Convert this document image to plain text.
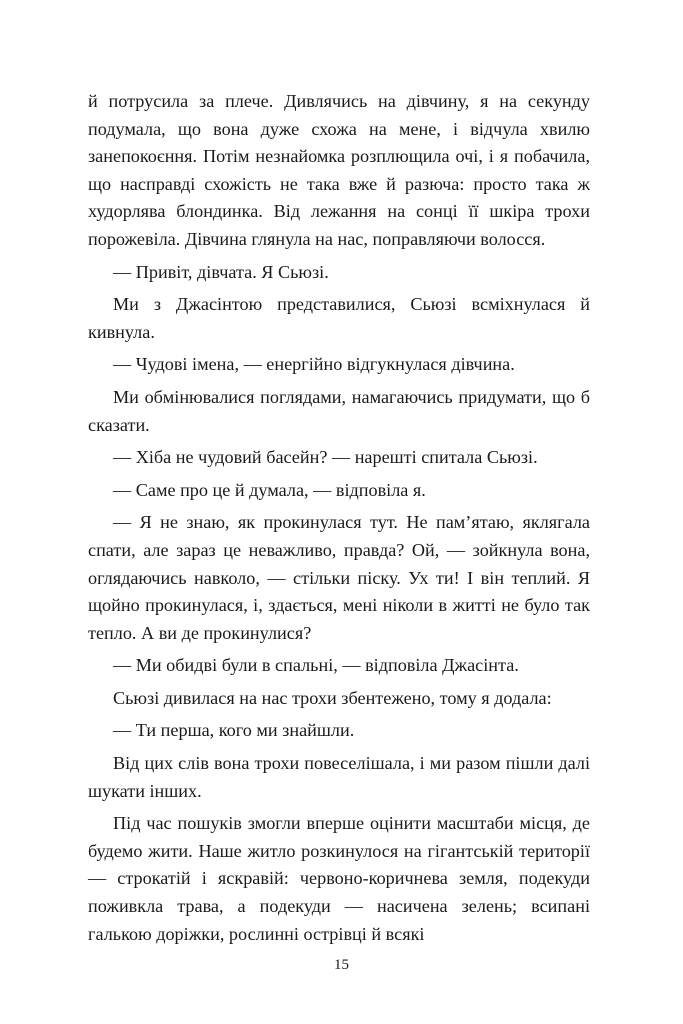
й потрусила за плече. Дивлячись на дівчину, я на секунду подумала, що вона дуже схожа на мене, і відчула хвилю занепокоєння. Потім незнайомка розплющила очі, і я побачила, що насправді схожість не така вже й разюча: просто така ж худорлява блондинка. Від лежання на сонці її шкіра трохи порожевіла. Дівчина глянула на нас, поправляючи волосся.

— Привіт, дівчата. Я Сьюзі.

Ми з Джасінтою представилися, Сьюзі всміхнулася й кивнула.

— Чудові імена, — енергійно відгукнулася дівчина.

Ми обмінювалися поглядами, намагаючись придумати, що б сказати.

— Хіба не чудовий басейн? — нарешті спитала Сьюзі.

— Саме про це й думала, — відповіла я.

— Я не знаю, як прокинулася тут. Не пам’ятаю, яклягала спати, але зараз це неважливо, правда? Ой, — зойкнула вона, оглядаючись навколо, — стільки піску. Ух ти! І він теплий. Я щойно прокинулася, і, здається, мені ніколи в житті не було так тепло. А ви де прокинулися?

— Ми обидві були в спальні, — відповіла Джасінта.

Сьюзі дивилася на нас трохи збентежено, тому я додала:

— Ти перша, кого ми знайшли.

Від цих слів вона трохи повеселішала, і ми разом пішли далі шукати інших.

Під час пошуків змогли вперше оцінити масштаби місця, де будемо жити. Наше житло розкинулося на гігантській території — строкатій і яскравій: червоно-коричнева земля, подекуди поживкла трава, а подекуди — насичена зелень; всипані галькою доріжки, рослинні острівці й всякі

15
